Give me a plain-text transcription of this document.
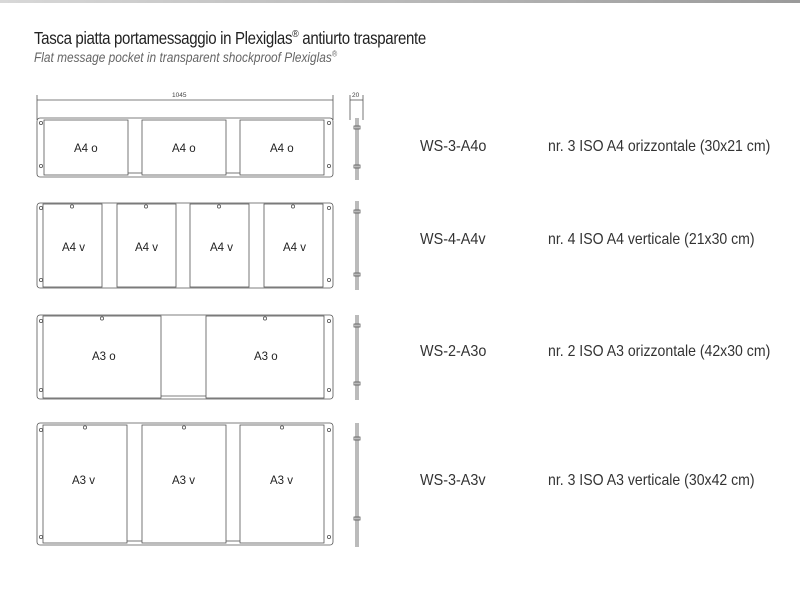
Tasca piatta portamessaggio in Plexiglas® antiurto trasparente
Flat message pocket in transparent shockproof Plexiglas®
1045	20
A4 o	A4 o	A4 o
A4 v	A4 v	A4 v	A4 v
A3 o	A3 o
A3 v	A3 v	A3 v
WS-3-A4o	nr. 3 ISO A4 orizzontale (30x21 cm)
WS-4-A4v	nr. 4 ISO A4 verticale (21x30 cm)
WS-2-A3o	nr. 2 ISO A3 orizzontale (42x30 cm)
WS-3-A3v	nr. 3 ISO A3 verticale (30x42 cm)
